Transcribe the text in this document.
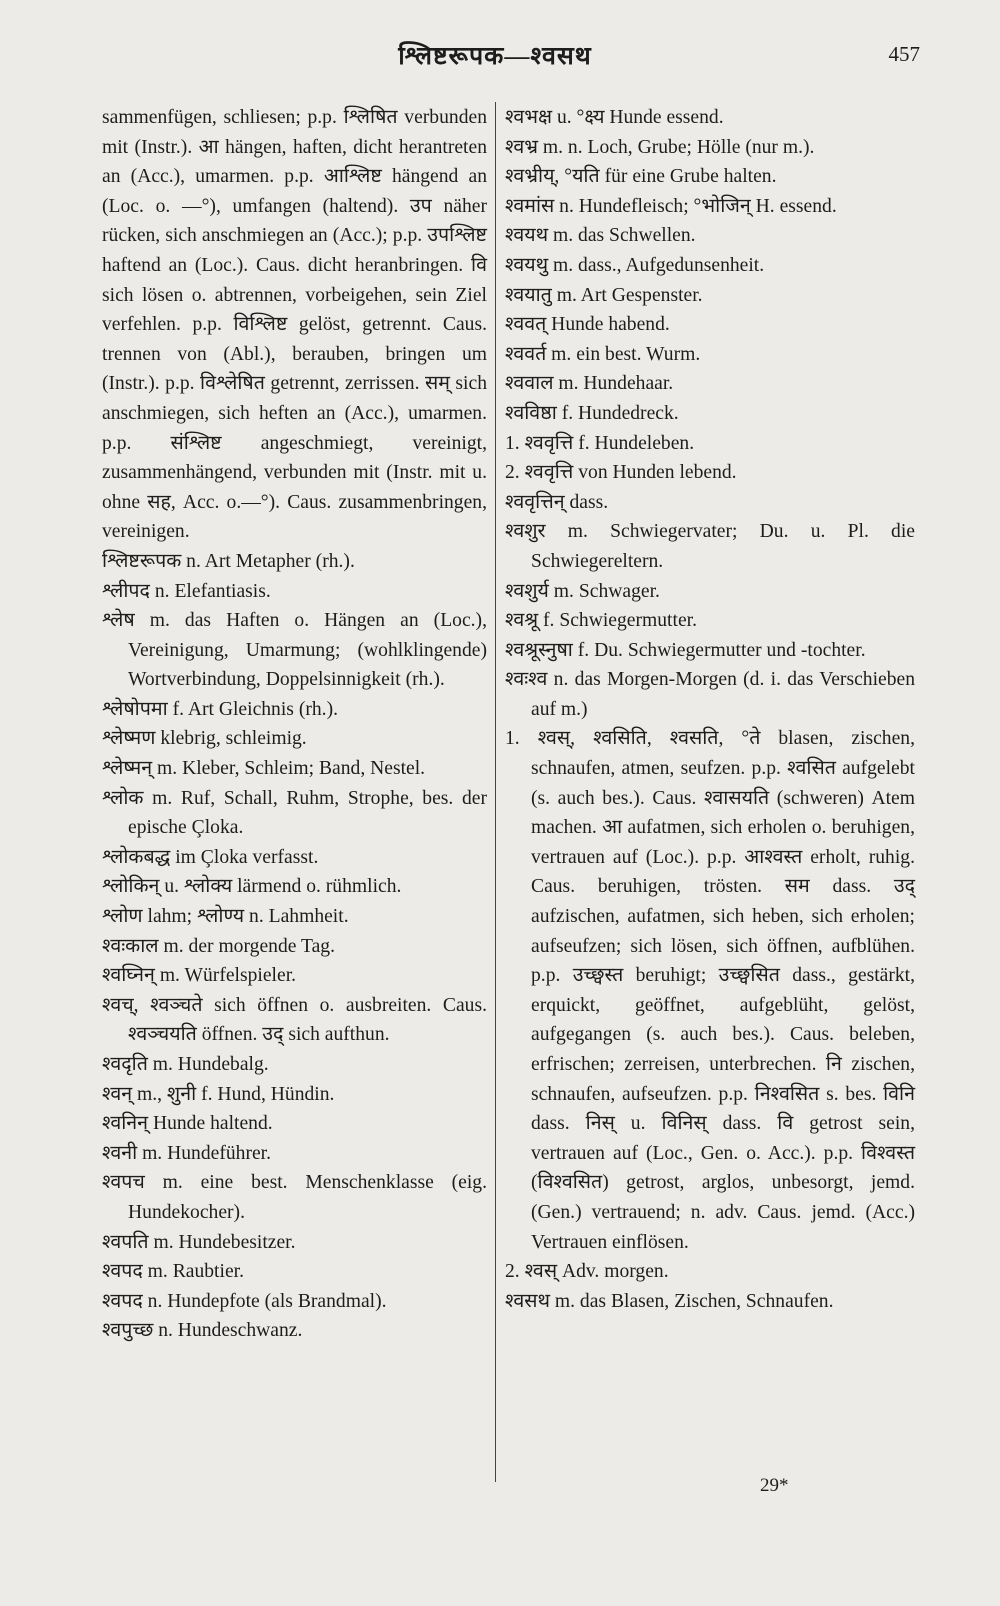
श्लिष्टरूपक—श्वसथ	457

sammenfügen, schliesen; p.p. श्लिषित verbunden mit (Instr.). आ hängen, haften, dicht herantreten an (Acc.), umarmen. p.p. आश्लिष्ट hängend an (Loc. o. —°), umfangen (haltend). उप näher rücken, sich anschmiegen an (Acc.); p.p. उपश्लिष्ट haftend an (Loc.). Caus. dicht heranbringen. वि sich lösen o. abtrennen, vorbeigehen, sein Ziel verfehlen. p.p. विश्लिष्ट gelöst, getrennt. Caus. trennen von (Abl.), berauben, bringen um (Instr.). p.p. विश्लेषित getrennt, zerrissen. सम् sich anschmiegen, sich heften an (Acc.), umarmen. p.p. संश्लिष्ट angeschmiegt, vereinigt, zusammenhängend, verbunden mit (Instr. mit u. ohne सह, Acc. o.—°). Caus. zusammenbringen, vereinigen.

श्लिष्टरूपक n. Art Metapher (rh.).

श्लीपद n. Elefantiasis.

श्लेष m. das Haften o. Hängen an (Loc.), Vereinigung, Umarmung; (wohlklingende) Wortverbindung, Doppelsinnigkeit (rh.).

श्लेषोपमा f. Art Gleichnis (rh.).

श्लेष्मण klebrig, schleimig.

श्लेष्मन् m. Kleber, Schleim; Band, Nestel.

श्लोक m. Ruf, Schall, Ruhm, Strophe, bes. der epische Çloka.

श्लोकबद्ध im Çloka verfasst.

श्लोकिन् u. श्लोक्य lärmend o. rühmlich.

श्लोण lahm; श्लोण्य n. Lahmheit.

श्वःकाल m. der morgende Tag.

श्वघ्निन् m. Würfelspieler.

श्वच्, श्वञ्चते sich öffnen o. ausbreiten. Caus. श्वञ्चयति öffnen. उद् sich aufthun.

श्वदृति m. Hundebalg.

श्वन् m., शुनी f. Hund, Hündin.

श्वनिन् Hunde haltend.

श्वनी m. Hundeführer.

श्वपच m. eine best. Menschenklasse (eig. Hundekocher).

श्वपति m. Hundebesitzer.

श्वपद m. Raubtier.

श्वपद n. Hundepfote (als Brandmal).

श्वपुच्छ n. Hundeschwanz.

श्वभक्ष u. °क्ष्य Hunde essend.

श्वभ्र m. n. Loch, Grube; Hölle (nur m.).

श्वभ्रीय्, °यति für eine Grube halten.

श्वमांस n. Hundefleisch; °भोजिन् H. essend.

श्वयथ m. das Schwellen.

श्वयथु m. dass., Aufgedunsenheit.

श्वयातु m. Art Gespenster.

श्ववत् Hunde habend.

श्ववर्त m. ein best. Wurm.

श्ववाल m. Hundehaar.

श्वविष्ठा f. Hundedreck.

1. श्ववृत्ति f. Hundeleben.

2. श्ववृत्ति von Hunden lebend.

श्ववृत्तिन् dass.

श्वशुर m. Schwiegervater; Du. u. Pl. die Schwiegereltern.

श्वशुर्य m. Schwager.

श्वश्रू f. Schwiegermutter.

श्वश्रूस्नुषा f. Du. Schwiegermutter und -tochter.

श्वःश्व n. das Morgen-Morgen (d. i. das Verschieben auf m.)

1. श्वस्, श्वसिति, श्वसति, °ते blasen, zischen, schnaufen, atmen, seufzen. p.p. श्वसित aufgelebt (s. auch bes.). Caus. श्वासयति (schweren) Atem machen. आ aufatmen, sich erholen o. beruhigen, vertrauen auf (Loc.). p.p. आश्वस्त erholt, ruhig. Caus. beruhigen, trösten. सम dass. उद् aufzischen, aufatmen, sich heben, sich erholen; aufseufzen; sich lösen, sich öffnen, aufblühen. p.p. उच्छ्वस्त beruhigt; उच्छ्वसित dass., gestärkt, erquickt, geöffnet, aufgeblüht, gelöst, aufgegangen (s. auch bes.). Caus. beleben, erfrischen; zerreisen, unterbrechen. नि zischen, schnaufen, aufseufzen. p.p. निश्वसित s. bes. विनि dass. निस् u. विनिस् dass. वि getrost sein, vertrauen auf (Loc., Gen. o. Acc.). p.p. विश्वस्त (विश्वसित) getrost, arglos, unbesorgt, jemd. (Gen.) vertrauend; n. adv. Caus. jemd. (Acc.) Vertrauen einflösen.

2. श्वस् Adv. morgen.

श्वसथ m. das Blasen, Zischen, Schnaufen.

29*
